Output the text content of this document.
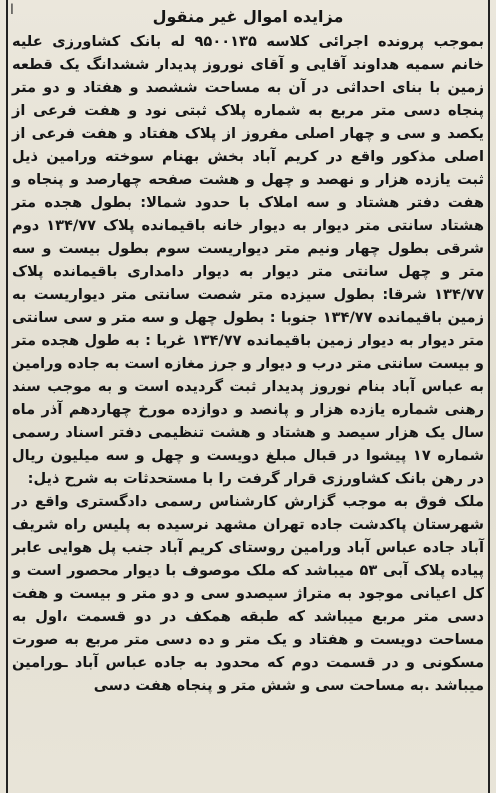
ا	مزایده اموال غیر منقول

بموجب پرونده اجرائی کلاسه ۹۵۰۰۱۳۵ له بانک کشاورزی علیه خانم سمیه هداوند آقایی و آقای نوروز پدیدار ششدانگ یک قطعه زمین با بنای احداثی در آن به مساحت ششصد و هفتاد و دو متر پنجاه دسی متر مربع به شماره پلاک ثبتی نود و هفت فرعی از یکصد و سی و چهار اصلی مفروز از پلاک هفتاد و هفت فرعی از اصلی مذکور واقع در کریم آباد بخش بهنام سوخته ورامین ذیل ثبت یازده هزار و نهصد و چهل و هشت صفحه چهارصد و پنجاه و هفت دفتر هشتاد و سه املاک با حدود شمالا: بطول هجده متر هشتاد سانتی متر دیوار به دیوار خانه باقیمانده پلاک ۱۳۴/۷۷ دوم شرقی بطول چهار ونیم متر دیواریست سوم بطول بیست و سه متر و چهل سانتی متر دیوار به دیوار دامداری باقیمانده پلاک ۱۳۴/۷۷ شرقا: بطول سیزده متر شصت سانتی متر دیواریست به زمین باقیمانده ۱۳۴/۷۷ جنوبا : بطول چهل و سه متر و سی سانتی متر دیوار به دیوار زمین باقیمانده ۱۳۴/۷۷ غربا : به طول هجده متر و بیست سانتی متر درب و دیوار و جرز مغازه است به جاده ورامین به عباس آباد بنام نوروز پدیدار ثبت گردیده است و به موجب سند رهنی شماره یازده هزار و پانصد و دوازده مورخ چهاردهم آذر ماه سال یک هزار سیصد و هشتاد و هشت تنظیمی دفتر اسناد رسمی شماره ۱۷ پیشوا در قبال مبلغ دویست و چهل و سه میلیون ریال در رهن بانک کشاورزی قرار گرفت را با مستحدثات به شرح ذیل:

ملک فوق به موجب گزارش کارشناس رسمی دادگستری واقع در شهرستان پاکدشت جاده تهران مشهد نرسیده به پلیس راه شریف آباد جاده عباس آباد ورامین روستای کریم آباد جنب پل هوایی عابر پیاده پلاک آبی ۵۳ میباشد که ملک موصوف با دیوار محصور است و کل اعیانی موجود به متراژ سیصدو سی و دو متر و بیست و هفت دسی متر مربع میباشد که طبقه همکف در دو قسمت ،اول به مساحت دویست و هفتاد و یک متر و ده دسی متر مربع به صورت مسکونی و در قسمت دوم که محدود به جاده عباس آباد ـورامین میباشد .به مساحت سی و شش متر و پنجاه هفت دسی
